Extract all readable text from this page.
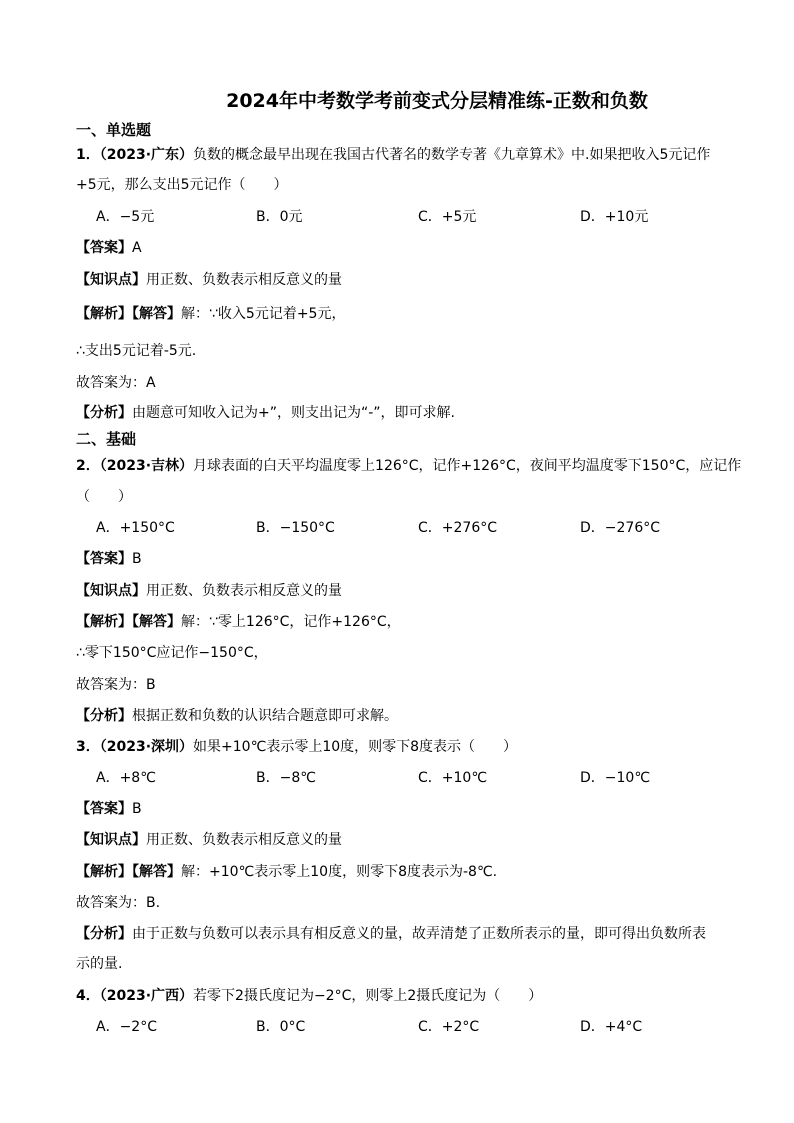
2024年中考数学考前变式分层精准练-正数和负数
一、单选题
1．（2023·广东）负数的概念最早出现在我国古代著名的数学专著《九章算术》中.如果把收入5元记作
+5元，那么支出5元记作（　　）
A．−5元	B．0元	C．+5元	D．+10元
【答案】A
【知识点】用正数、负数表示相反意义的量
【解析】【解答】解：∵收入5元记着+5元，
∴支出5元记着-5元.
故答案为：A
【分析】由题意可知收入记为+”，则支出记为“-”，即可求解.
二、基础
2．（2023·吉林）月球表面的白天平均温度零上126°C，记作+126°C，夜间平均温度零下150°C，应记作
（　　）
A．+150°C	B．−150°C	C．+276°C	D．−276°C
【答案】B
【知识点】用正数、负数表示相反意义的量
【解析】【解答】解：∵零上126°C，记作+126°C，
∴零下150°C应记作−150°C，
故答案为：B
【分析】根据正数和负数的认识结合题意即可求解。
3．（2023·深圳）如果+10℃表示零上10度，则零下8度表示（　　）
A．+8℃	B．−8℃	C．+10℃	D．−10℃
【答案】B
【知识点】用正数、负数表示相反意义的量
【解析】【解答】解：+10℃表示零上10度，则零下8度表示为-8℃.
故答案为：B.
【分析】由于正数与负数可以表示具有相反意义的量，故弄清楚了正数所表示的量，即可得出负数所表
示的量.
4．（2023·广西）若零下2摄氏度记为−2°C，则零上2摄氏度记为（　　）
A．−2°C	B．0°C	C．+2°C	D．+4°C
